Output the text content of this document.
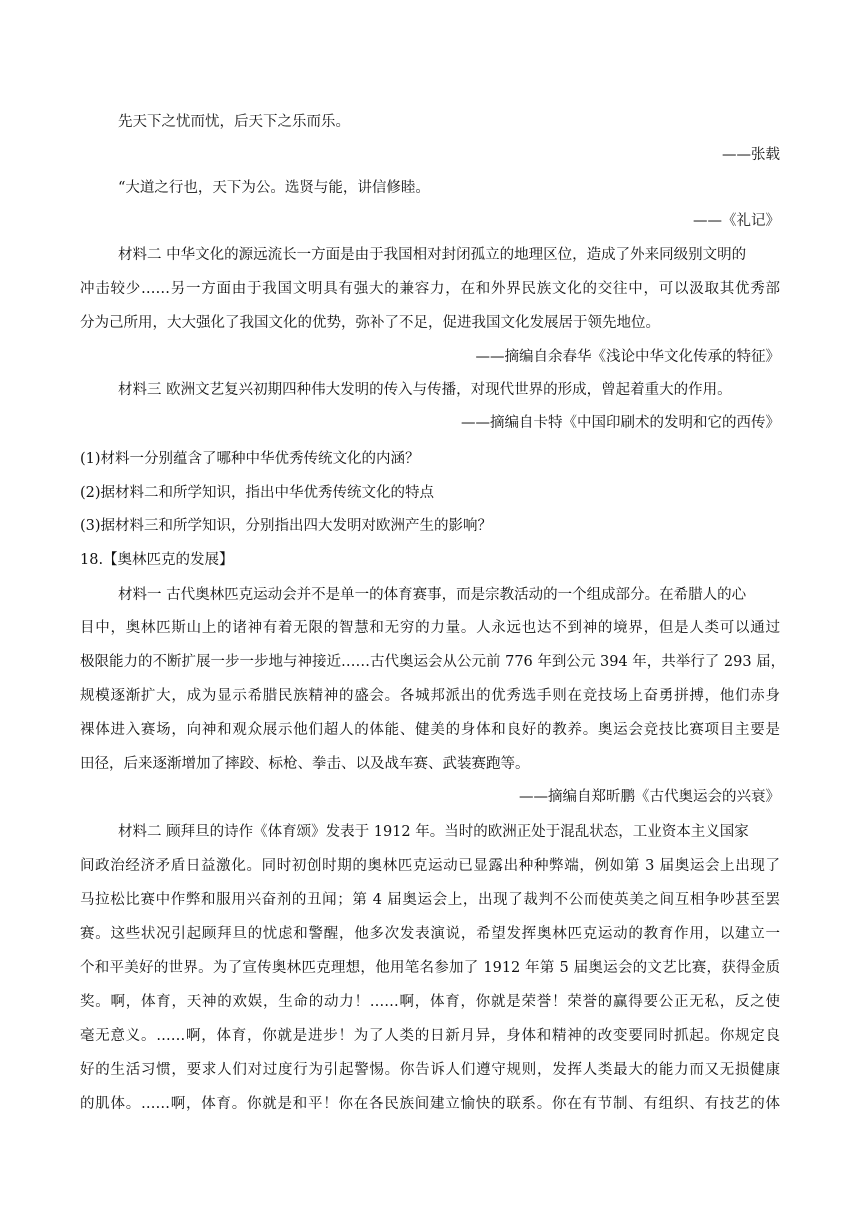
先天下之忧而忧，后天下之乐而乐。
——张载
“大道之行也，天下为公。选贤与能，讲信修睦。
——《礼记》
材料二 中华文化的源远流长一方面是由于我国相对封闭孤立的地理区位，造成了外来同级别文明的
冲击较少……另一方面由于我国文明具有强大的兼容力，在和外界民族文化的交往中，可以汲取其优秀部
分为己所用，大大强化了我国文化的优势，弥补了不足，促进我国文化发展居于领先地位。
——摘编自余春华《浅论中华文化传承的特征》
材料三 欧洲文艺复兴初期四种伟大发明的传入与传播，对现代世界的形成，曾起着重大的作用。
——摘编自卡特《中国印刷术的发明和它的西传》
(1)材料一分别蕴含了哪种中华优秀传统文化的内涵？
(2)据材料二和所学知识，指出中华优秀传统文化的特点
(3)据材料三和所学知识，分别指出四大发明对欧洲产生的影响？
18.【奥林匹克的发展】
材料一 古代奥林匹克运动会并不是单一的体育赛事，而是宗教活动的一个组成部分。在希腊人的心
目中，奥林匹斯山上的诸神有着无限的智慧和无穷的力量。人永远也达不到神的境界，但是人类可以通过
极限能力的不断扩展一步一步地与神接近……古代奥运会从公元前 776 年到公元 394 年，共举行了 293 届，
规模逐渐扩大，成为显示希腊民族精神的盛会。各城邦派出的优秀选手则在竞技场上奋勇拼搏，他们赤身
裸体进入赛场，向神和观众展示他们超人的体能、健美的身体和良好的教养。奥运会竞技比赛项目主要是
田径，后来逐渐增加了摔跤、标枪、拳击、以及战车赛、武装赛跑等。
——摘编自郑昕鹏《古代奥运会的兴衰》
材料二 顾拜旦的诗作《体育颂》发表于 1912 年。当时的欧洲正处于混乱状态，工业资本主义国家
间政治经济矛盾日益激化。同时初创时期的奥林匹克运动已显露出种种弊端，例如第 3 届奥运会上出现了
马拉松比赛中作弊和服用兴奋剂的丑闻；第 4 届奥运会上，出现了裁判不公而使英美之间互相争吵甚至罢
赛。这些状况引起顾拜旦的忧虑和警醒，他多次发表演说，希望发挥奥林匹克运动的教育作用，以建立一
个和平美好的世界。为了宣传奥林匹克理想，他用笔名参加了 1912 年第 5 届奥运会的文艺比赛，获得金质
奖。啊，体育，天神的欢娱，生命的动力！……啊，体育，你就是荣誉！荣誉的赢得要公正无私，反之使
毫无意义。……啊，体育，你就是进步！为了人类的日新月异，身体和精神的改变要同时抓起。你规定良
好的生活习惯，要求人们对过度行为引起警惕。你告诉人们遵守规则，发挥人类最大的能力而又无损健康
的肌体。……啊，体育。你就是和平！你在各民族间建立愉快的联系。你在有节制、有组织、有技艺的体
